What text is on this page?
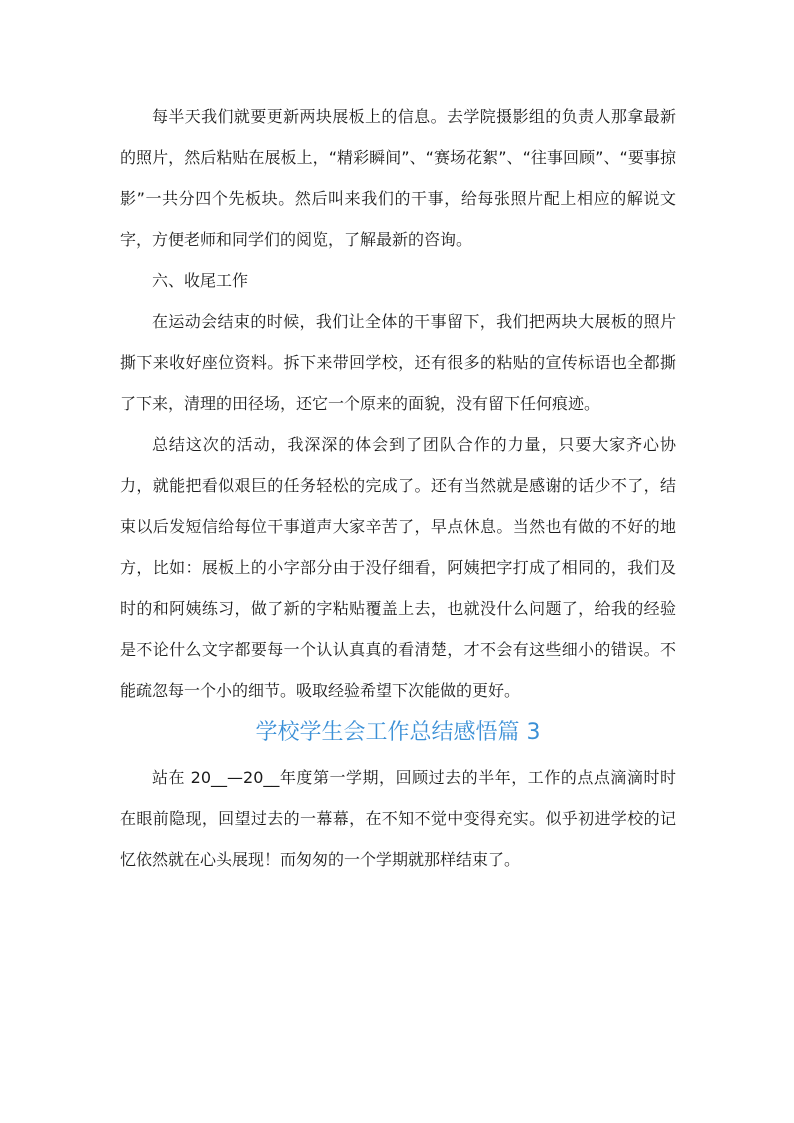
每半天我们就要更新两块展板上的信息。去学院摄影组的负责人那拿最新的照片，然后粘贴在展板上，“精彩瞬间”、“赛场花絮”、“往事回顾”、“要事掠影”一共分四个先板块。然后叫来我们的干事，给每张照片配上相应的解说文字，方便老师和同学们的阅览，了解最新的咨询。

六、收尾工作

在运动会结束的时候，我们让全体的干事留下，我们把两块大展板的照片撕下来收好座位资料。拆下来带回学校，还有很多的粘贴的宣传标语也全都撕了下来，清理的田径场，还它一个原来的面貌，没有留下任何痕迹。

总结这次的活动，我深深的体会到了团队合作的力量，只要大家齐心协力，就能把看似艰巨的任务轻松的完成了。还有当然就是感谢的话少不了，结束以后发短信给每位干事道声大家辛苦了，早点休息。当然也有做的不好的地方，比如：展板上的小字部分由于没仔细看，阿姨把字打成了相同的，我们及时的和阿姨练习，做了新的字粘贴覆盖上去，也就没什么问题了，给我的经验是不论什么文字都要每一个认认真真的看清楚，才不会有这些细小的错误。不能疏忽每一个小的细节。吸取经验希望下次能做的更好。

学校学生会工作总结感悟篇 3

站在 20__—20__年度第一学期，回顾过去的半年，工作的点点滴滴时时在眼前隐现，回望过去的一幕幕，在不知不觉中变得充实。似乎初进学校的记忆依然就在心头展现！而匆匆的一个学期就那样结束了。
